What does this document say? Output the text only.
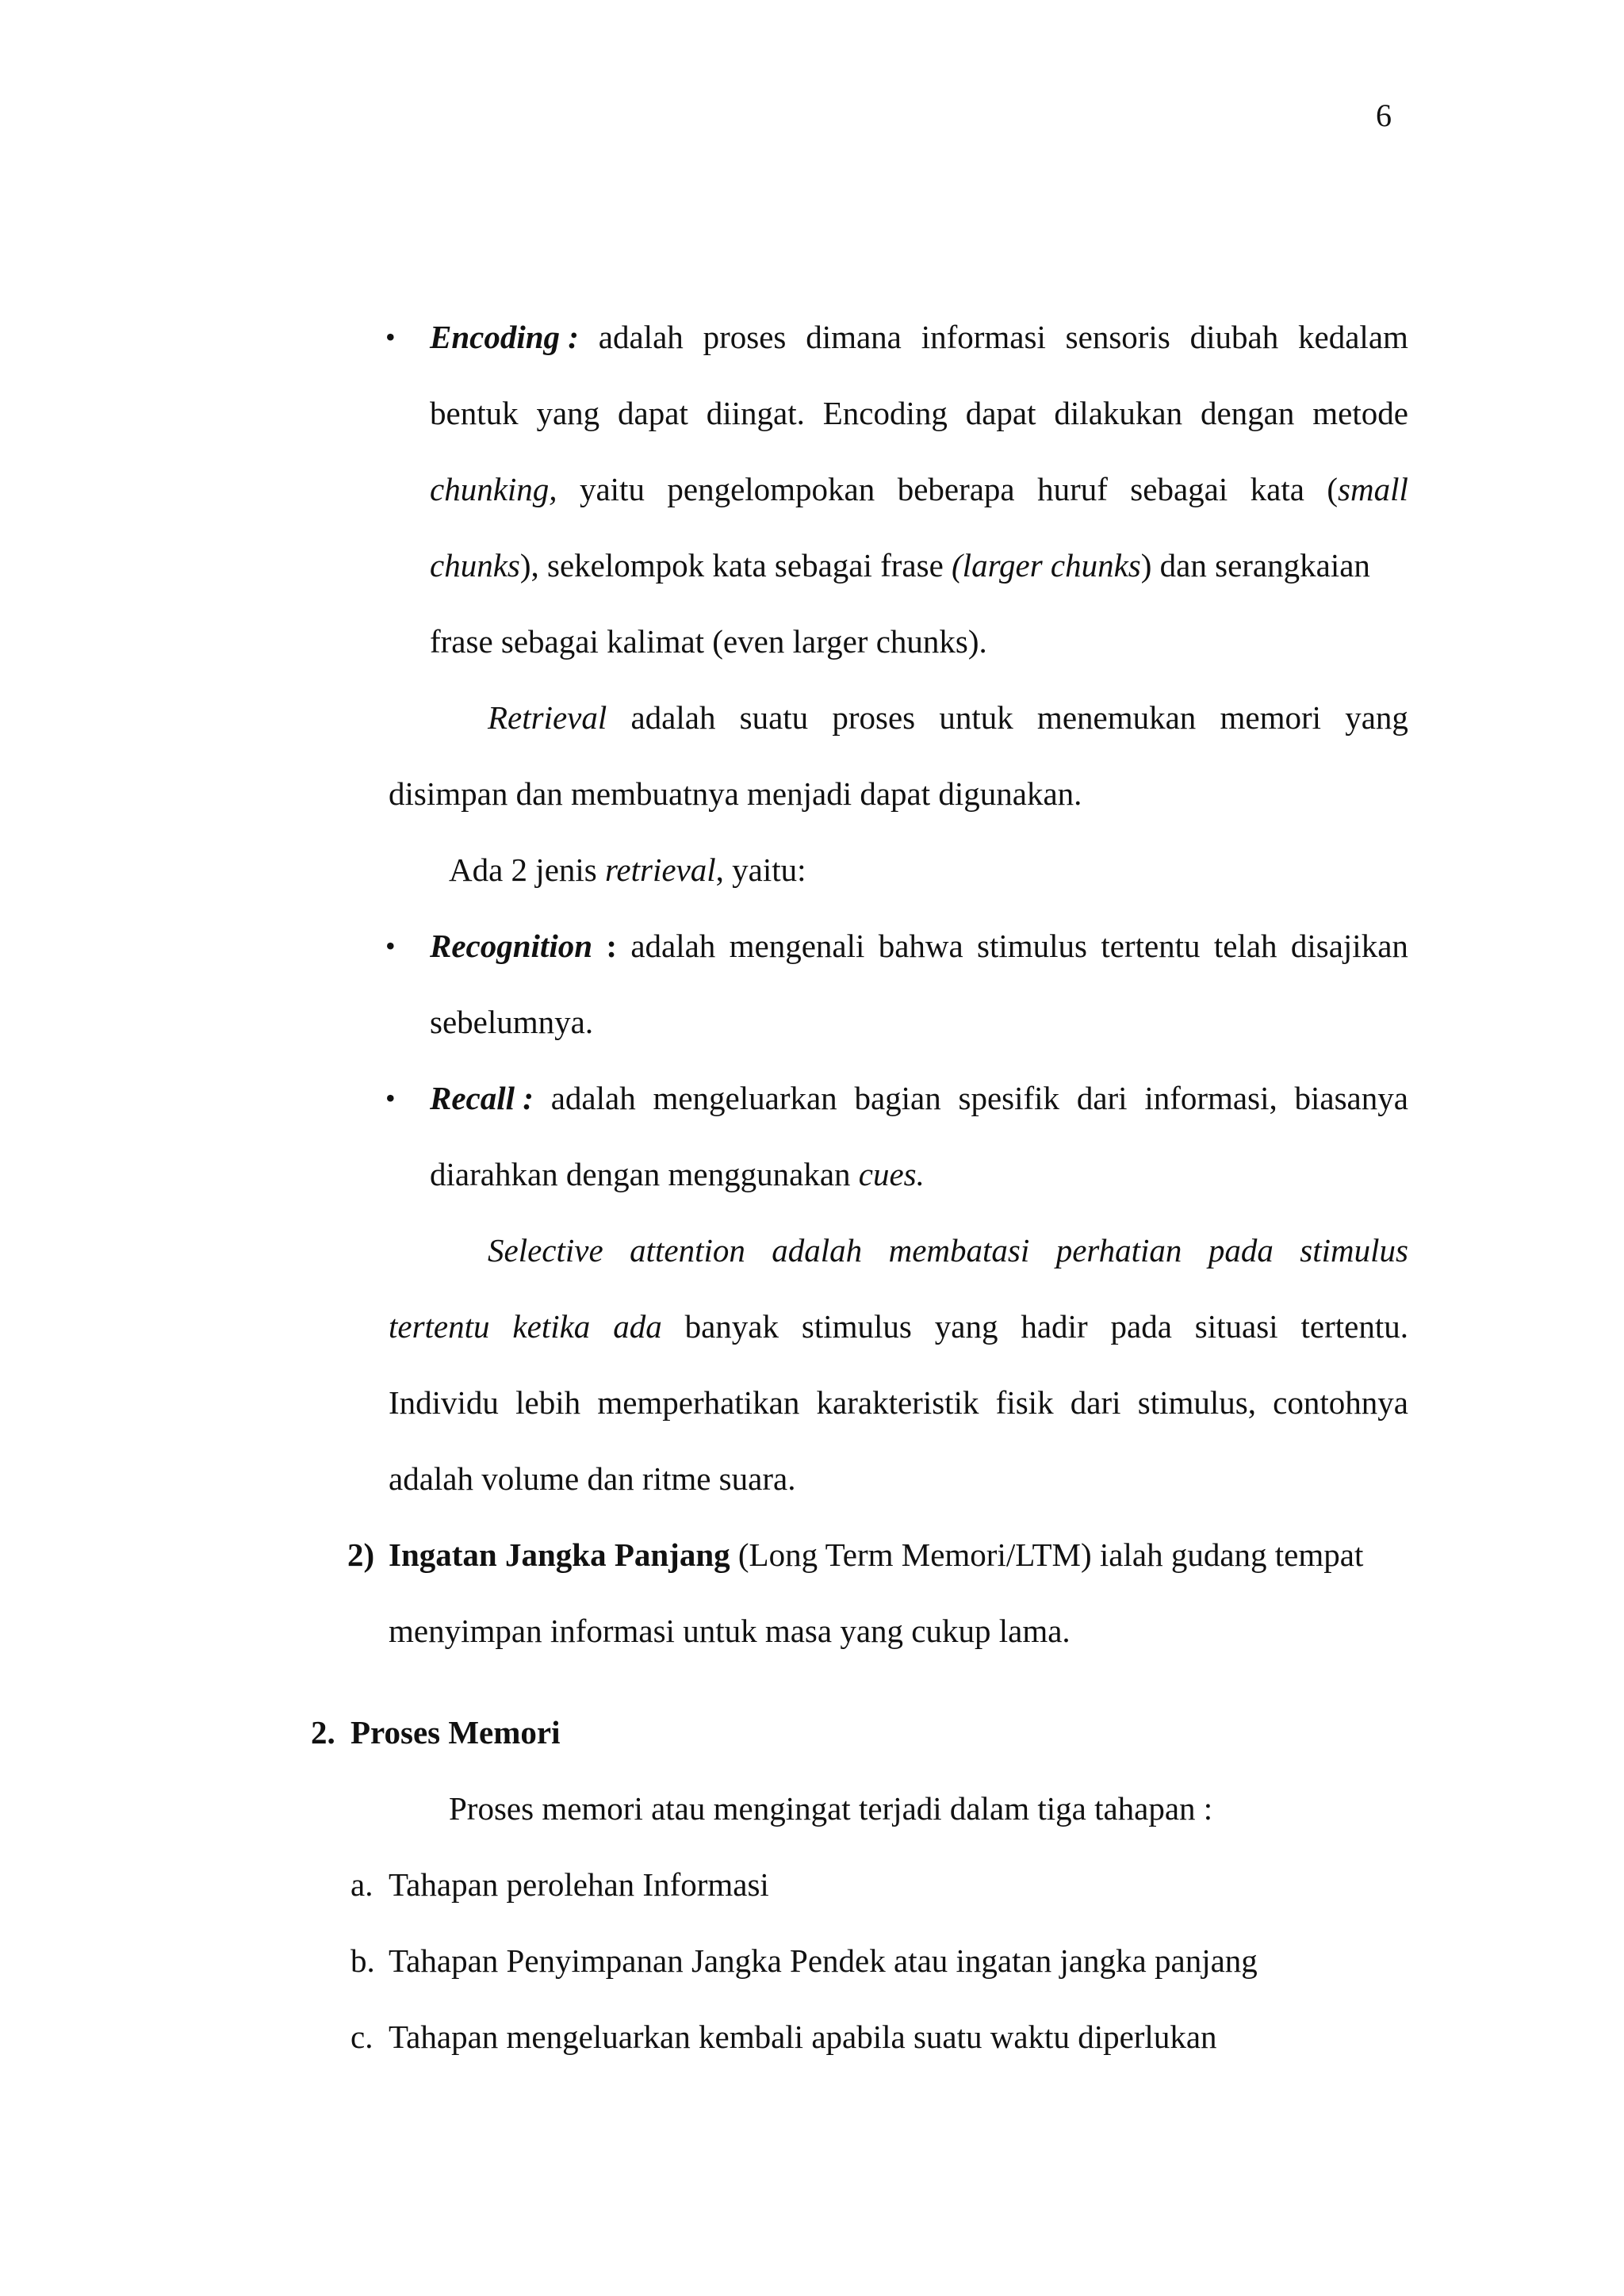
6
• Encoding : adalah proses dimana informasi sensoris diubah kedalam
bentuk yang dapat diingat. Encoding dapat dilakukan dengan metode
chunking, yaitu pengelompokan beberapa huruf sebagai kata (small
chunks), sekelompok kata sebagai frase (larger chunks) dan serangkaian
frase sebagai kalimat (even larger chunks).
Retrieval adalah suatu proses untuk menemukan memori yang
disimpan dan membuatnya menjadi dapat digunakan.
Ada 2 jenis retrieval, yaitu:
• Recognition : adalah mengenali bahwa stimulus tertentu telah disajikan
sebelumnya.
• Recall : adalah mengeluarkan bagian spesifik dari informasi, biasanya
diarahkan dengan menggunakan cues.
Selective attention adalah membatasi perhatian pada stimulus
tertentu ketika ada banyak stimulus yang hadir pada situasi tertentu.
Individu lebih memperhatikan karakteristik fisik dari stimulus, contohnya
adalah volume dan ritme suara.
2) Ingatan Jangka Panjang (Long Term Memori/LTM) ialah gudang tempat
menyimpan informasi untuk masa yang cukup lama.
2. Proses Memori
Proses memori atau mengingat terjadi dalam tiga tahapan :
a. Tahapan perolehan Informasi
b. Tahapan Penyimpanan Jangka Pendek atau ingatan jangka panjang
c. Tahapan mengeluarkan kembali apabila suatu waktu diperlukan
